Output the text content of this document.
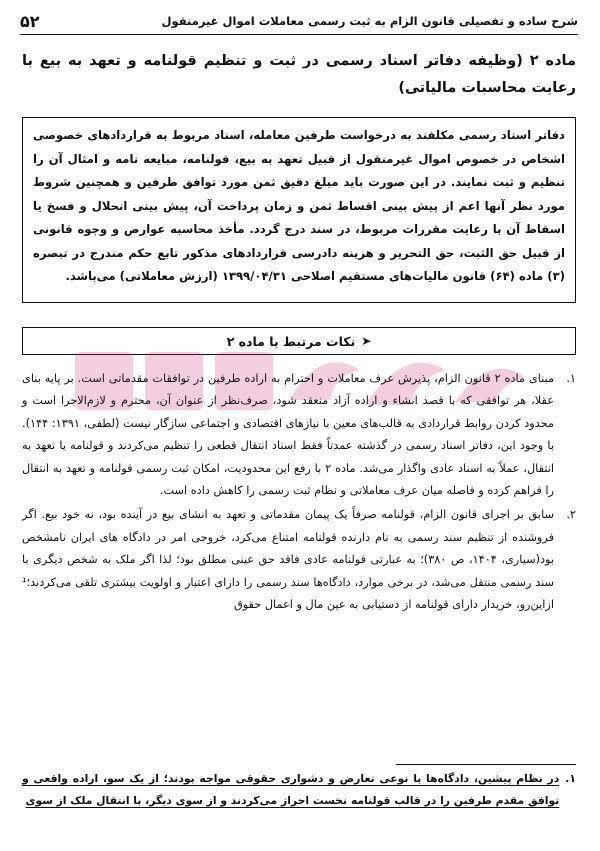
شرح ساده و تفصیلی قانون الزام به ثبت رسمی معاملات اموال غیرمنقول
۵۲
ماده ۲ (وظیفه دفاتر اسناد رسمی در ثبت و تنظیم قولنامه و تعهد به بیع با رعایت محاسبات مالیاتی)
دفاتر اسناد رسمی مکلفند به درخواست طرفین معامله، اسناد مربوط به قراردادهای خصوصی اشخاص در خصوص اموال غیرمنقول از قبیل تعهد به بیع، قولنامه، مبایعه نامه و امثال آن را تنظیم و ثبت نمایند. در این صورت باید مبلغ دقیق ثمن مورد توافق طرفین و همچنین شروط مورد نظر آنها اعم از پیش بینی اقساط ثمن و زمان پرداخت آن، پیش بینی انحلال و فسخ یا اسقاط آن با رعایت مقررات مربوط، در سند درج گردد. مأخذ محاسبه عوارض و وجوه قانونی از قبیل حق الثبت، حق التحریر و هزینه دادرسی قراردادهای مذکور تابع حکم مندرج در تبصره (۳) ماده (۶۴) قانون مالیات‌های مستقیم اصلاحی ۱۳۹۹/۰۴/۳۱ (ارزش معاملاتی) می‌باشد.
➤
نکات مرتبط با ماده ۲
۱.
مبنای ماده ۲ قانون الزام، پذیرش عرف معاملات و احترام به اراده طرفین در توافقات مقدماتی است. بر پایه بنای عقلا، هر توافقی که با قصد انشاء و اراده آزاد منعقد شود، صرف‌نظر از عنوان آن، محترم و لازم‌الاجرا است و محدود کردن روابط قراردادی به قالب‌های معین با نیازهای اقتصادی و اجتماعی سازگار نیست (لطفی، ۱۳۹۱: ۱۴۴). با وجود این، دفاتر اسناد رسمی در گذشته عمدتاً فقط اسناد انتقال قطعی را تنظیم می‌کردند و قولنامه یا تعهد به انتقال، عملاً به اسناد عادی واگذار می‌شد. ماده ۲ با رفع این محدودیت، امکان ثبت رسمی قولنامه و تعهد به انتقال را فراهم کرده و فاصله میان عرف معاملاتی و نظام ثبت رسمی را کاهش داده است.
۲.
سابق بر اجرای قانون الزام، قولنامه صرفاً یک پیمان مقدماتی و تعهد به انشای بیع در آینده بود، نه خود بیع. اگر فروشنده از تنظیم سند رسمی به نام دارنده قولنامه امتناع می‌کرد، خروجی امر در دادگاه های ایران نامشخص بود(سیاری، ۱۴۰۴، ص ۳۸۰)؛ به عبارتی قولنامه عادی فاقد حق عینی مطلق بود؛ لذا اگر ملک به شخص دیگری با سند رسمی منتقل می‌شد، در برخی موارد، دادگاه‌ها سند رسمی را دارای اعتبار و اولویت بیشتری تلقی می‌کردند؛¹ ازاین‌رو، خریدار دارای قولنامه از دستیابی به عین مال و اعمال حقوق
۱.
در نظام پیشین، دادگاه‌ها با نوعی تعارض و دشواری حقوقی مواجه بودند؛ از یک سو، اراده واقعی و توافق مقدم طرفین را در قالب قولنامه نخست احراز می‌کردند و از سوی دیگر، با انتقال ملک از سوی
